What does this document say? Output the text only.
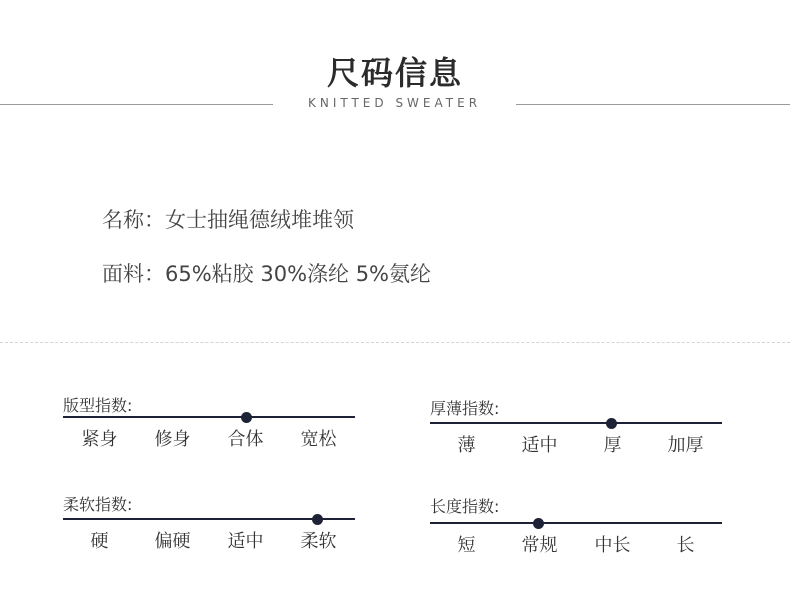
尺码信息
KNITTED SWEATER
名称：女士抽绳德绒堆堆领
面料：65%粘胶 30%涤纶 5%氨纶
版型指数:
紧身	修身	合体	宽松
厚薄指数:
薄	适中	厚	加厚
柔软指数:
硬	偏硬	适中	柔软
长度指数:
短	常规	中长	长
